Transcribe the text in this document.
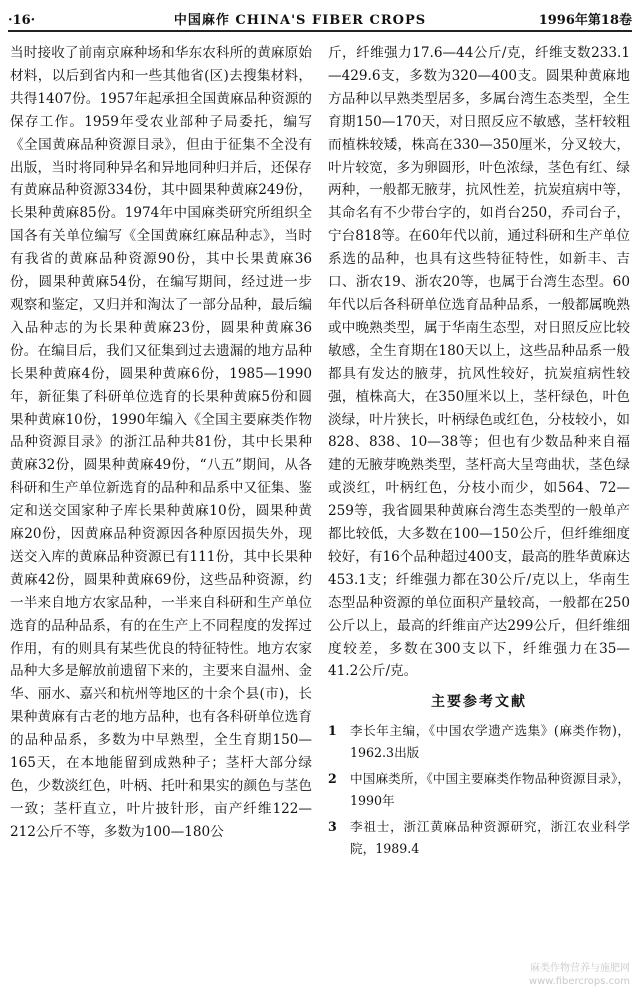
·16·	中国麻作 CHINA'S FIBER CROPS	1996年第18卷

当时接收了前南京麻种场和华东农科所的黄麻原始材料，以后到省内和一些其他省(区)去搜集材料，共得1407份。1957年起承担全国黄麻品种资源的保存工作。1959年受农业部种子局委托，编写《全国黄麻品种资源目录》，但由于征集不全没有出版，当时将同种异名和异地同种归并后，还保存有黄麻品种资源334份，其中圆果种黄麻249份，长果种黄麻85份。1974年中国麻类研究所组织全国各有关单位编写《全国黄麻红麻品种志》，当时有我省的黄麻品种资源90份，其中长果黄麻36份，圆果种黄麻54份，在编写期间，经过进一步观察和鉴定，又归并和淘汰了一部分品种，最后编入品种志的为长果种黄麻23份，圆果种黄麻36份。在编目后，我们又征集到过去遗漏的地方品种长果种黄麻4份，圆果种黄麻6份，1985—1990年，新征集了科研单位选育的长果种黄麻5份和圆果种黄麻10份，1990年编入《全国主要麻类作物品种资源目录》的浙江品种共81份，其中长果种黄麻32份，圆果种黄麻49份，“八五”期间，从各科研和生产单位新选育的品种和品系中又征集、鉴定和送交国家种子库长果种黄麻10份，圆果种黄麻20份，因黄麻品种资源因各种原因损失外，现送交入库的黄麻品种资源已有111份，其中长果种黄麻42份，圆果种黄麻69份，这些品种资源，约一半来自地方农家品种，一半来自科研和生产单位选育的品种品系，有的在生产上不同程度的发挥过作用，有的则具有某些优良的特征特性。地方农家品种大多是解放前遗留下来的，主要来自温州、金华、丽水、嘉兴和杭州等地区的十余个县(市)，长果种黄麻有古老的地方品种，也有各科研单位选育的品种品系，多数为中早熟型，全生育期150—165天，在本地能留到成熟种子；茎杆大部分绿色，少数淡红色，叶柄、托叶和果实的颜色与茎色一致；茎杆直立，叶片披针形，亩产纤维122—212公斤不等，多数为100—180公

斤，纤维强力17.6—44公斤/克，纤维支数233.1—429.6支，多数为320—400支。圆果种黄麻地方品种以早熟类型居多，多属台湾生态类型，全生育期150—170天，对日照反应不敏感，茎杆较粗而植株较矮，株高在330—350厘米，分叉较大，叶片较宽，多为卵圆形，叶色浓绿，茎色有红、绿两种，一般都无腋芽，抗风性差，抗炭疽病中等，其命名有不少带台字的，如肖台250，乔司台子，宁台818等。在60年代以前，通过科研和生产单位系选的品种，也具有这些特征特性，如新丰、吉口、浙农19、浙农20等，也属于台湾生态型。60年代以后各科研单位选育品种品系，一般都属晚熟或中晚熟类型，属于华南生态型，对日照反应比较敏感，全生育期在180天以上，这些品种品系一般都具有发达的腋芽，抗风性较好，抗炭疽病性较强，植株高大，在350厘米以上，茎杆绿色，叶色淡绿，叶片狭长，叶柄绿色或红色，分枝较小，如828、838、10—38等；但也有少数品种来自福建的无腋芽晚熟类型，茎杆高大呈弯曲状，茎色绿或淡红，叶柄红色，分枝小而少，如564、72—259等，我省圆果种黄麻台湾生态类型的一般单产都比较低，大多数在100—150公斤，但纤维细度较好，有16个品种超过400支，最高的胜华黄麻达453.1支；纤维强力都在30公斤/克以上，华南生态型品种资源的单位面积产量较高，一般都在250公斤以上，最高的纤维亩产达299公斤，但纤维细度较差，多数在300支以下，纤维强力在35—41.2公斤/克。

主要参考文献
1	李长年主编，《中国农学遗产选集》(麻类作物)，1962.3出版
2	中国麻类所，《中国主要麻类作物品种资源目录》，1990年
3	李祖士，浙江黄麻品种资源研究，浙江农业科学院，1989.4
麻类作物营养与施肥网
www.fibercrops.com
